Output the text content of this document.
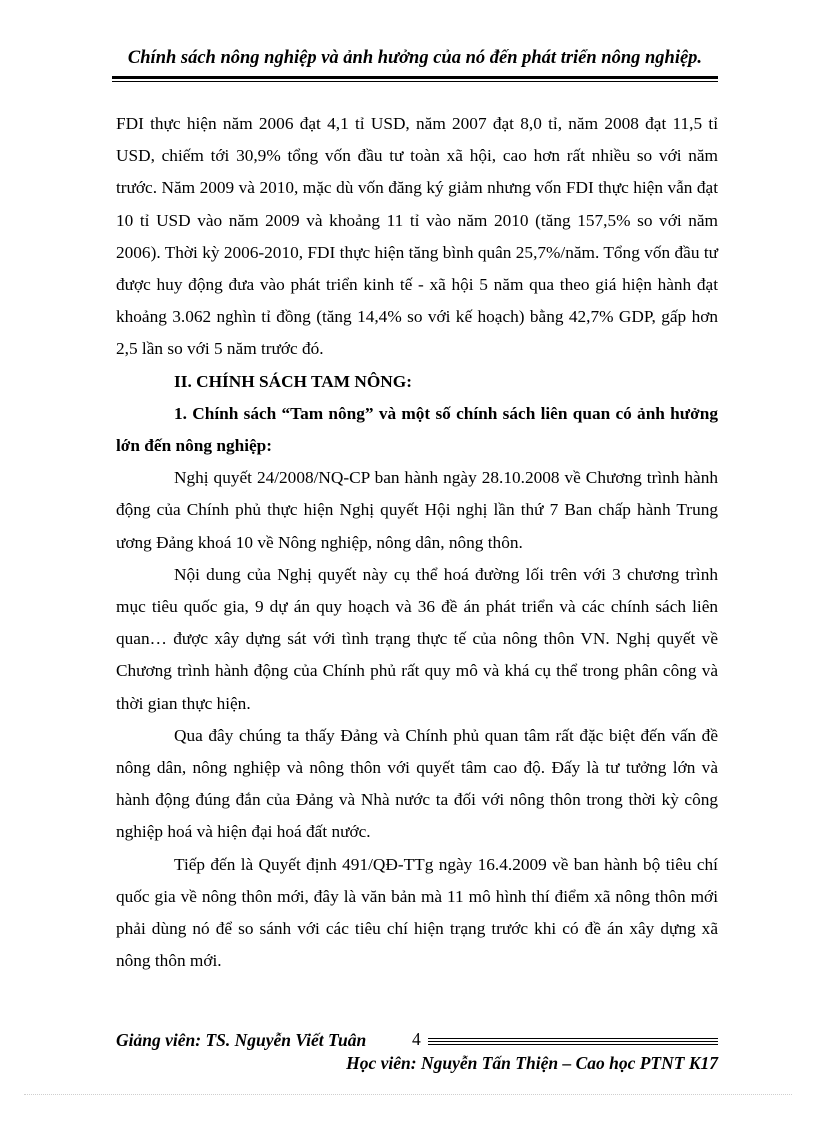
Chính sách nông nghiệp và ảnh hưởng của nó đến phát triển nông nghiệp.

FDI thực hiện năm 2006 đạt 4,1 tỉ USD, năm 2007 đạt 8,0 tỉ, năm 2008 đạt 11,5 tỉ USD, chiếm tới 30,9% tổng vốn đầu tư toàn xã hội, cao hơn rất nhiều so với năm trước. Năm 2009 và 2010, mặc dù vốn đăng ký giảm nhưng vốn FDI thực hiện vẫn đạt 10 tỉ USD vào năm 2009 và khoảng 11 tỉ vào năm 2010 (tăng 157,5% so với năm 2006). Thời kỳ 2006-2010, FDI thực hiện tăng bình quân 25,7%/năm. Tổng vốn đầu tư được huy động đưa vào phát triển kinh tế - xã hội 5 năm qua theo giá hiện hành đạt khoảng 3.062 nghìn tỉ đồng (tăng 14,4% so với kế hoạch) bằng 42,7% GDP, gấp hơn 2,5 lần so với 5 năm trước đó.

II. CHÍNH SÁCH TAM NÔNG:

1. Chính sách “Tam nông” và một số chính sách liên quan có ảnh hưởng lớn đến nông nghiệp:

Nghị quyết 24/2008/NQ-CP ban hành ngày 28.10.2008 về Chương trình hành động của Chính phủ thực hiện Nghị quyết Hội nghị lần thứ 7 Ban chấp hành Trung ương Đảng khoá 10 về Nông nghiệp, nông dân, nông thôn.

Nội dung của Nghị quyết này cụ thể hoá đường lối trên với 3 chương trình mục tiêu quốc gia, 9 dự án quy hoạch và 36 đề án phát triển và các chính sách liên quan… được xây dựng sát với tình trạng thực tế của nông thôn VN. Nghị quyết về Chương trình hành động của Chính phủ rất quy mô và khá cụ thể trong phân công và thời gian thực hiện.

Qua đây chúng ta thấy Đảng và Chính phủ quan tâm rất đặc biệt đến vấn đề nông dân, nông nghiệp và nông thôn với quyết tâm cao độ. Đấy là tư tưởng lớn và hành động đúng đắn của Đảng và Nhà nước ta đối với nông thôn trong thời kỳ công nghiệp hoá và hiện đại hoá đất nước.

Tiếp đến là Quyết định 491/QĐ-TTg ngày 16.4.2009 về ban hành bộ tiêu chí quốc gia về nông thôn mới, đây là văn bản mà 11 mô hình thí điểm xã nông thôn mới phải dùng nó để so sánh với các tiêu chí hiện trạng trước khi có đề án xây dựng xã nông thôn mới.

Giảng viên: TS. Nguyễn Viết Tuân	4
Học viên: Nguyễn Tấn Thiện – Cao học PTNT K17
